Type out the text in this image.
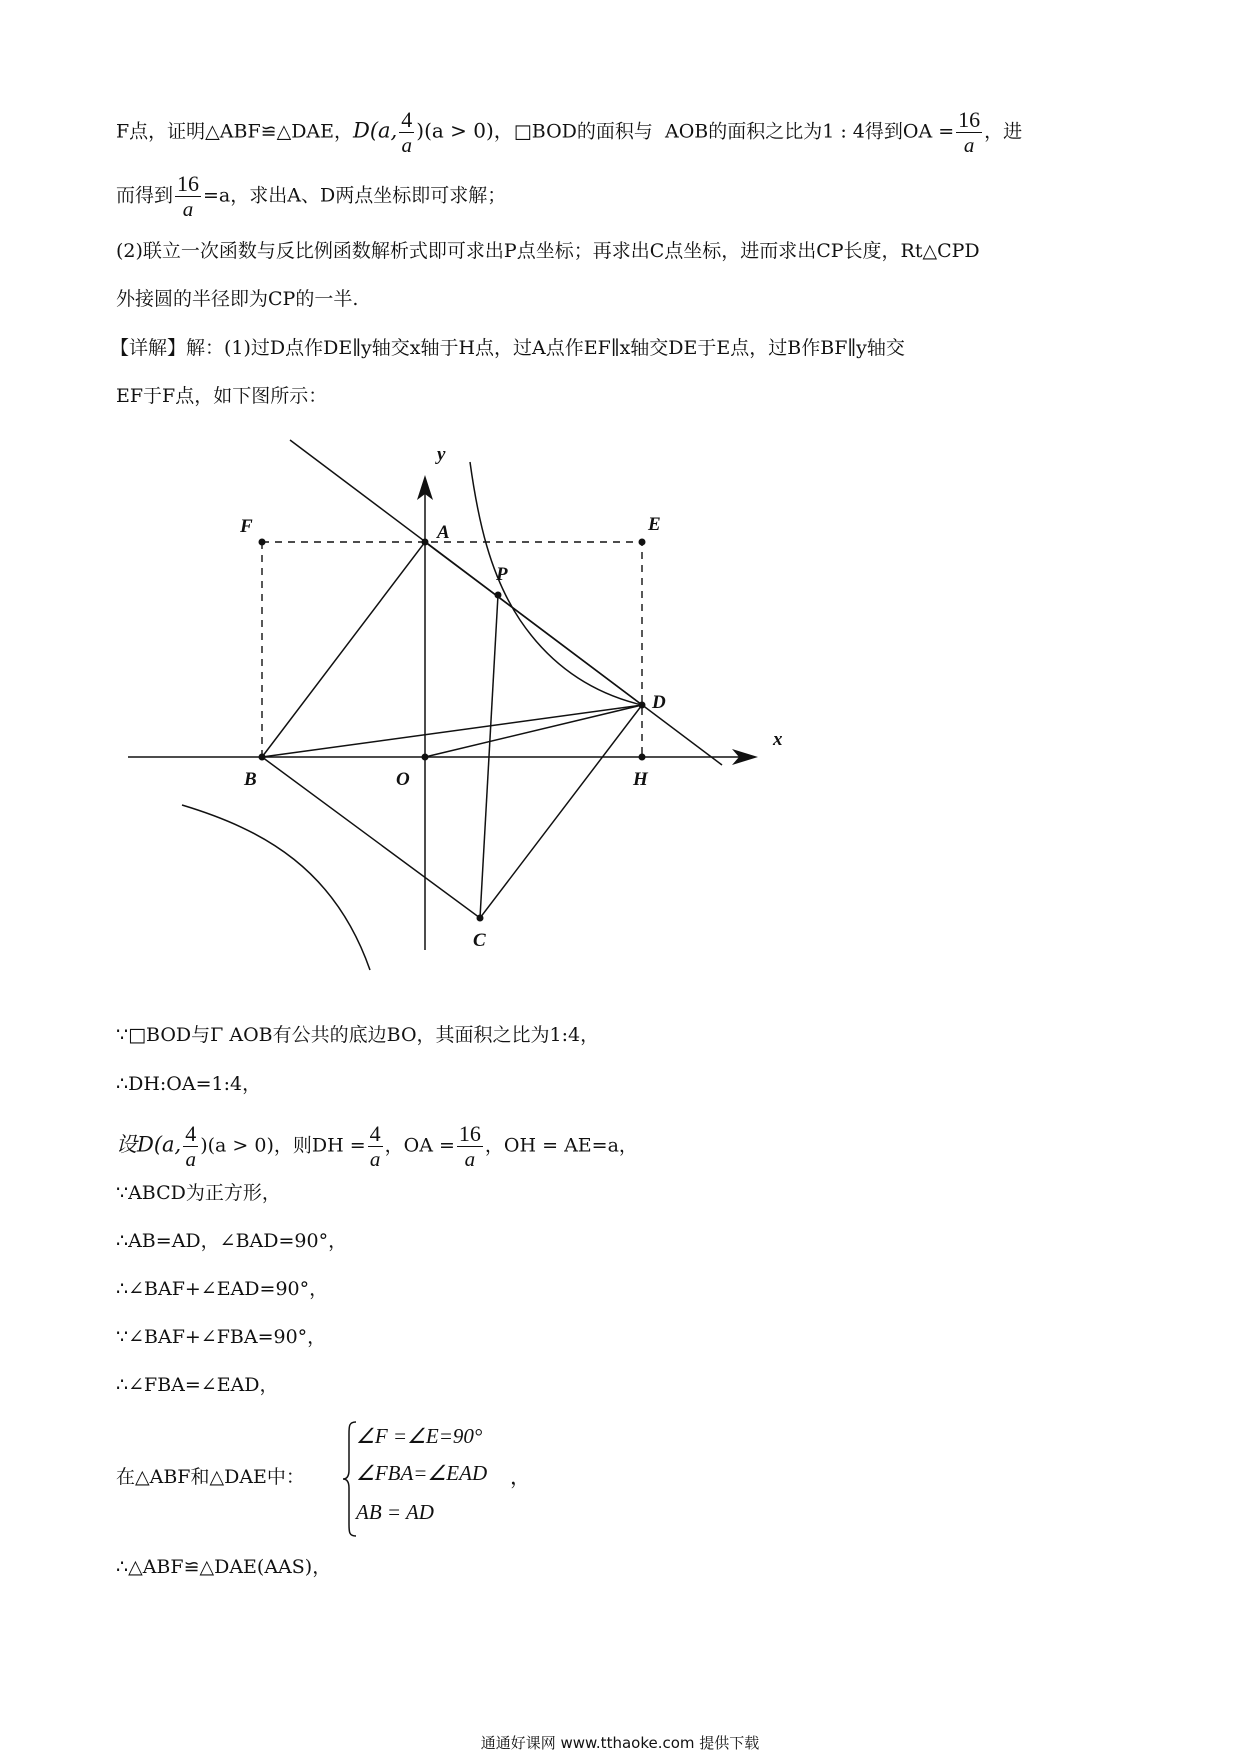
F点，证明△ABF≌△DAE，D(a, $\frac{4}{a} )(a > 0)$，□BOD的面积与 AOB的面积之比为1 : 4得到OA = $\frac{16}{a}$ ，进
而得到 $\frac{16}{a} =a$，求出A、D两点坐标即可求解；
(2)联立一次函数与反比例函数解析式即可求出P点坐标；再求出C点坐标，进而求出CP长度，Rt△CPD
外接圆的半径即为CP的一半.
【详解】解：(1)过D点作DE∥y轴交x轴于H点，过A点作EF∥x轴交DE于E点，过B作BF∥y轴交
EF于F点，如下图所示：
y
x
F	A	E
P
D
B	O	H
C
∵□BOD与Γ AOB有公共的底边BO，其面积之比为1:4，
∴DH:OA=1:4，
设D(a, $\frac{4}{a} )(a > 0)$，则DH = $\frac{4}{a}$ ，OA = $\frac{16}{a}$ ，OH = AE=a，
∵ABCD为正方形，
∴AB=AD，∠BAD=90°，
∴∠BAF+∠EAD=90°，
∵∠BAF+∠FBA=90°，
∴∠FBA=∠EAD，
在△ABF和△DAE中：
∠F =∠E=90°
∠FBA=∠EAD ，
AB = AD
∴△ABF≌△DAE(AAS)，
通通好课网 www.tthaoke.com 提供下载
